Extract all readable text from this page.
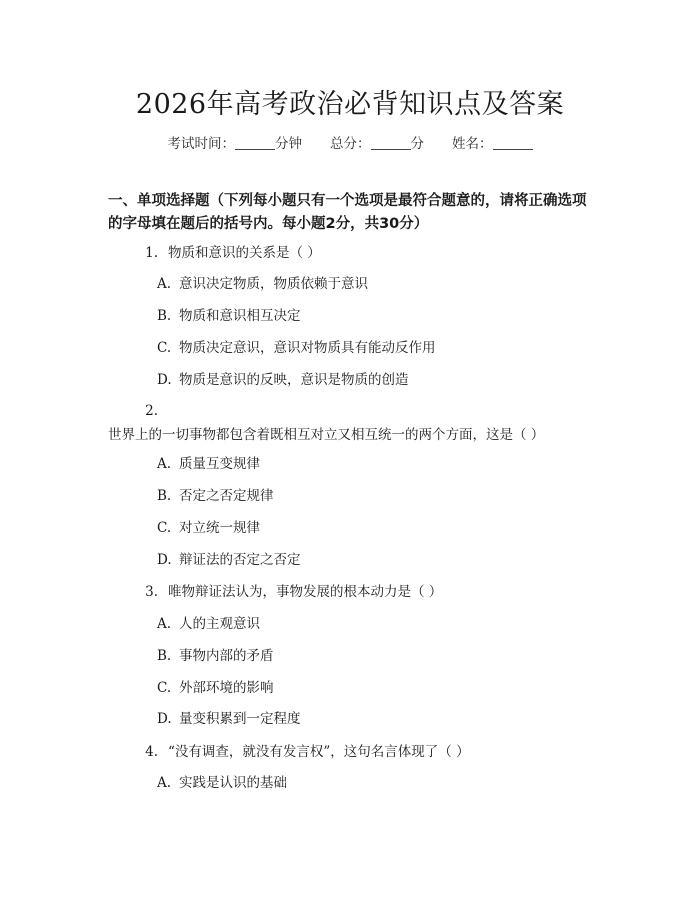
2026年高考政治必背知识点及答案
考试时间：	分钟 总分：	分 姓名：
一、单项选择题（下列每小题只有一个选项是最符合题意的，请将正确选项的字母填在题后的括号内。每小题2分，共30分）
1. 物质和意识的关系是（ ）
A. 意识决定物质，物质依赖于意识
B. 物质和意识相互决定
C. 物质决定意识，意识对物质具有能动反作用
D. 物质是意识的反映，意识是物质的创造
2.世界上的一切事物都包含着既相互对立又相互统一的两个方面，这是（ ）
A. 质量互变规律
B. 否定之否定规律
C. 对立统一规律
D. 辩证法的否定之否定
3. 唯物辩证法认为，事物发展的根本动力是（ ）
A. 人的主观意识
B. 事物内部的矛盾
C. 外部环境的影响
D. 量变积累到一定程度
4. “没有调查，就没有发言权”，这句名言体现了（ ）
A. 实践是认识的基础
